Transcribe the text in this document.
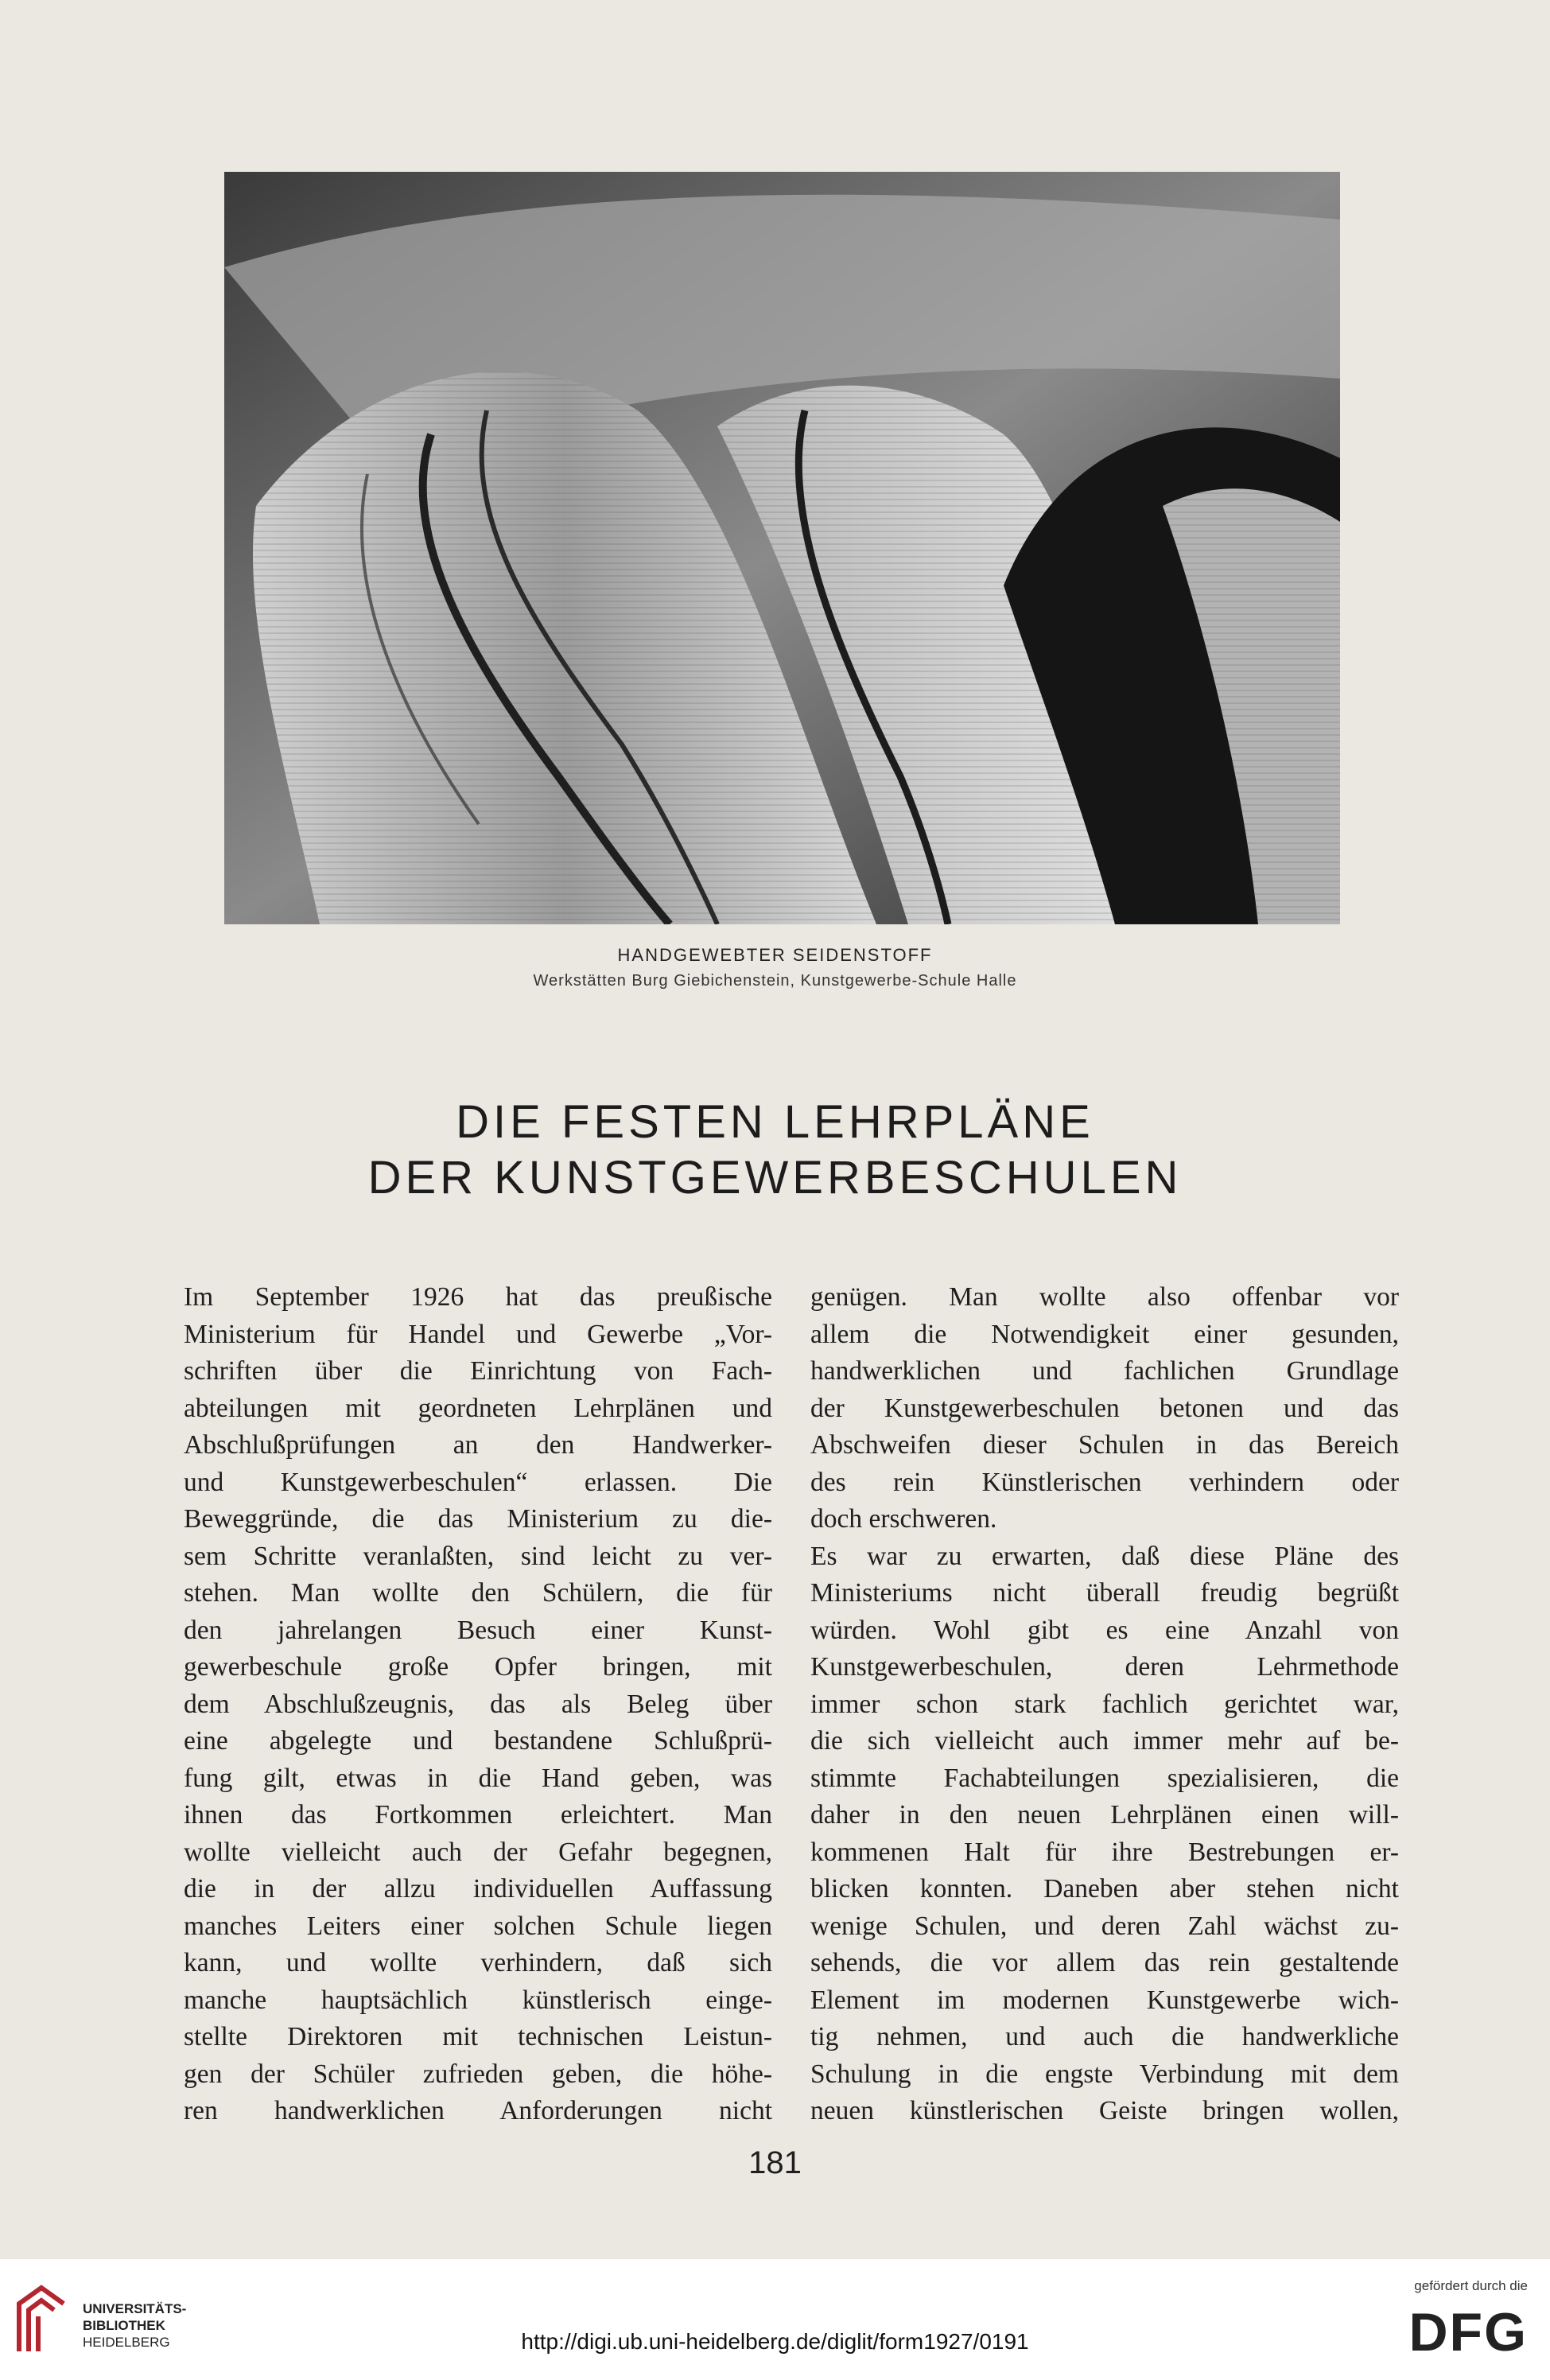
HANDGEWEBTER SEIDENSTOFF
Werkstätten Burg Giebichenstein, Kunstgewerbe-Schule Halle
DIE FESTEN LEHRPLÄNE
DER KUNSTGEWERBESCHULEN
Im September 1926 hat das preußische
Ministerium für Handel und Gewerbe „Vor-
schriften über die Einrichtung von Fach-
abteilungen mit geordneten Lehrplänen und
Abschlußprüfungen an den Handwerker-
und Kunstgewerbeschulen“ erlassen. Die
Beweggründe, die das Ministerium zu die-
sem Schritte veranlaßten, sind leicht zu ver-
stehen. Man wollte den Schülern, die für
den jahrelangen Besuch einer Kunst-
gewerbeschule große Opfer bringen, mit
dem Abschlußzeugnis, das als Beleg über
eine abgelegte und bestandene Schlußprü-
fung gilt, etwas in die Hand geben, was
ihnen das Fortkommen erleichtert. Man
wollte vielleicht auch der Gefahr begegnen,
die in der allzu individuellen Auffassung
manches Leiters einer solchen Schule liegen
kann, und wollte verhindern, daß sich
manche hauptsächlich künstlerisch einge-
stellte Direktoren mit technischen Leistun-
gen der Schüler zufrieden geben, die höhe-
ren handwerklichen Anforderungen nicht
genügen. Man wollte also offenbar vor
allem die Notwendigkeit einer gesunden,
handwerklichen und fachlichen Grundlage
der Kunstgewerbeschulen betonen und das
Abschweifen dieser Schulen in das Bereich
des rein Künstlerischen verhindern oder
doch erschweren.
Es war zu erwarten, daß diese Pläne des
Ministeriums nicht überall freudig begrüßt
würden. Wohl gibt es eine Anzahl von
Kunstgewerbeschulen, deren Lehrmethode
immer schon stark fachlich gerichtet war,
die sich vielleicht auch immer mehr auf be-
stimmte Fachabteilungen spezialisieren, die
daher in den neuen Lehrplänen einen will-
kommenen Halt für ihre Bestrebungen er-
blicken konnten. Daneben aber stehen nicht
wenige Schulen, und deren Zahl wächst zu-
sehends, die vor allem das rein gestaltende
Element im modernen Kunstgewerbe wich-
tig nehmen, und auch die handwerkliche
Schulung in die engste Verbindung mit dem
neuen künstlerischen Geiste bringen wollen,
181
UNIVERSITÄTS-
BIBLIOTHEK
HEIDELBERG	http://digi.ub.uni-heidelberg.de/diglit/form1927/0191
gefördert durch die
DFG
